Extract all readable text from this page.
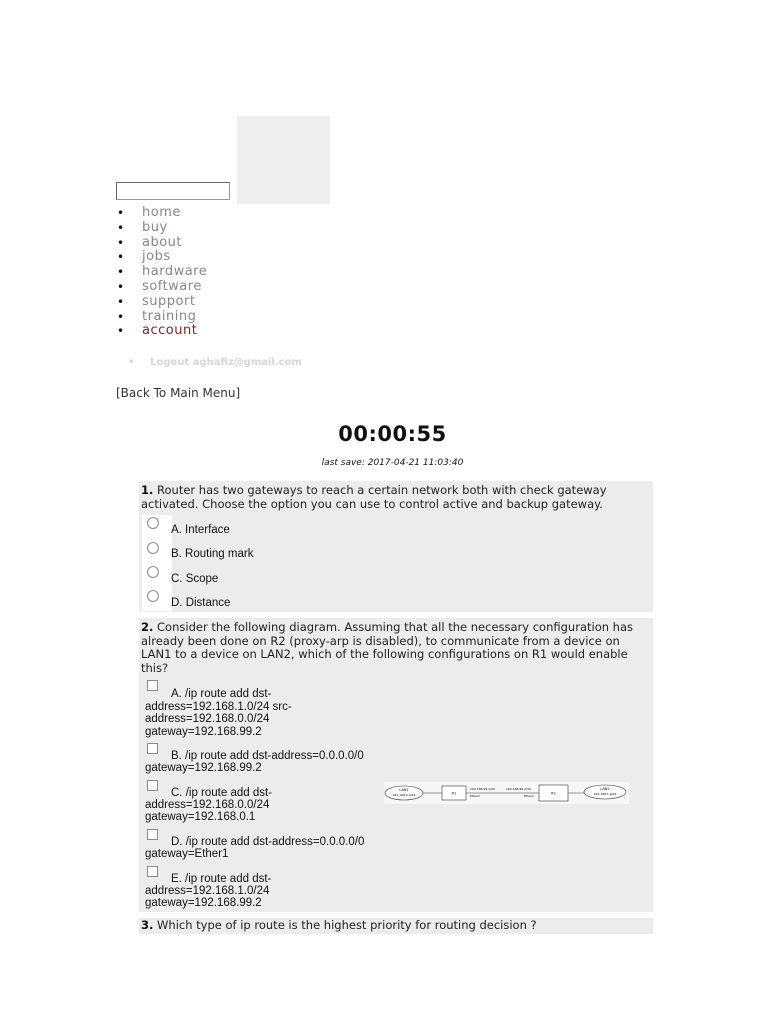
• home
• buy
• about
• jobs
• hardware
• software
• support
• training
• account
• Logout aghafiz@gmail.com
[Back To Main Menu]
00:00:55
last save: 2017-04-21 11:03:40
1. Router has two gateways to reach a certain network both with check gateway activated. Choose the option you can use to control active and backup gateway.
A. Interface
B. Routing mark
C. Scope
D. Distance
2. Consider the following diagram. Assuming that all the necessary configuration has already been done on R2 (proxy-arp is disabled), to communicate from a device on LAN1 to a device on LAN2, which of the following configurations on R1 would enable this?
A. /ip route add dst-
address=192.168.1.0/24 src-
address=192.168.0.0/24
gateway=192.168.99.2
B. /ip route add dst-address=0.0.0.0/0
gateway=192.168.99.2
C. /ip route add dst-
address=192.168.0.0/24
gateway=192.168.0.1
D. /ip route add dst-address=0.0.0.0/0
gateway=Ether1
E. /ip route add dst-
address=192.168.1.0/24
gateway=192.168.99.2
LAN1
192.168.0.0/24	R1
192.168.99.1/30
Ether1
192.168.99.2/30
Ether1
R2
LAN2
192.168.1.0/24
3. Which type of ip route is the highest priority for routing decision ?
